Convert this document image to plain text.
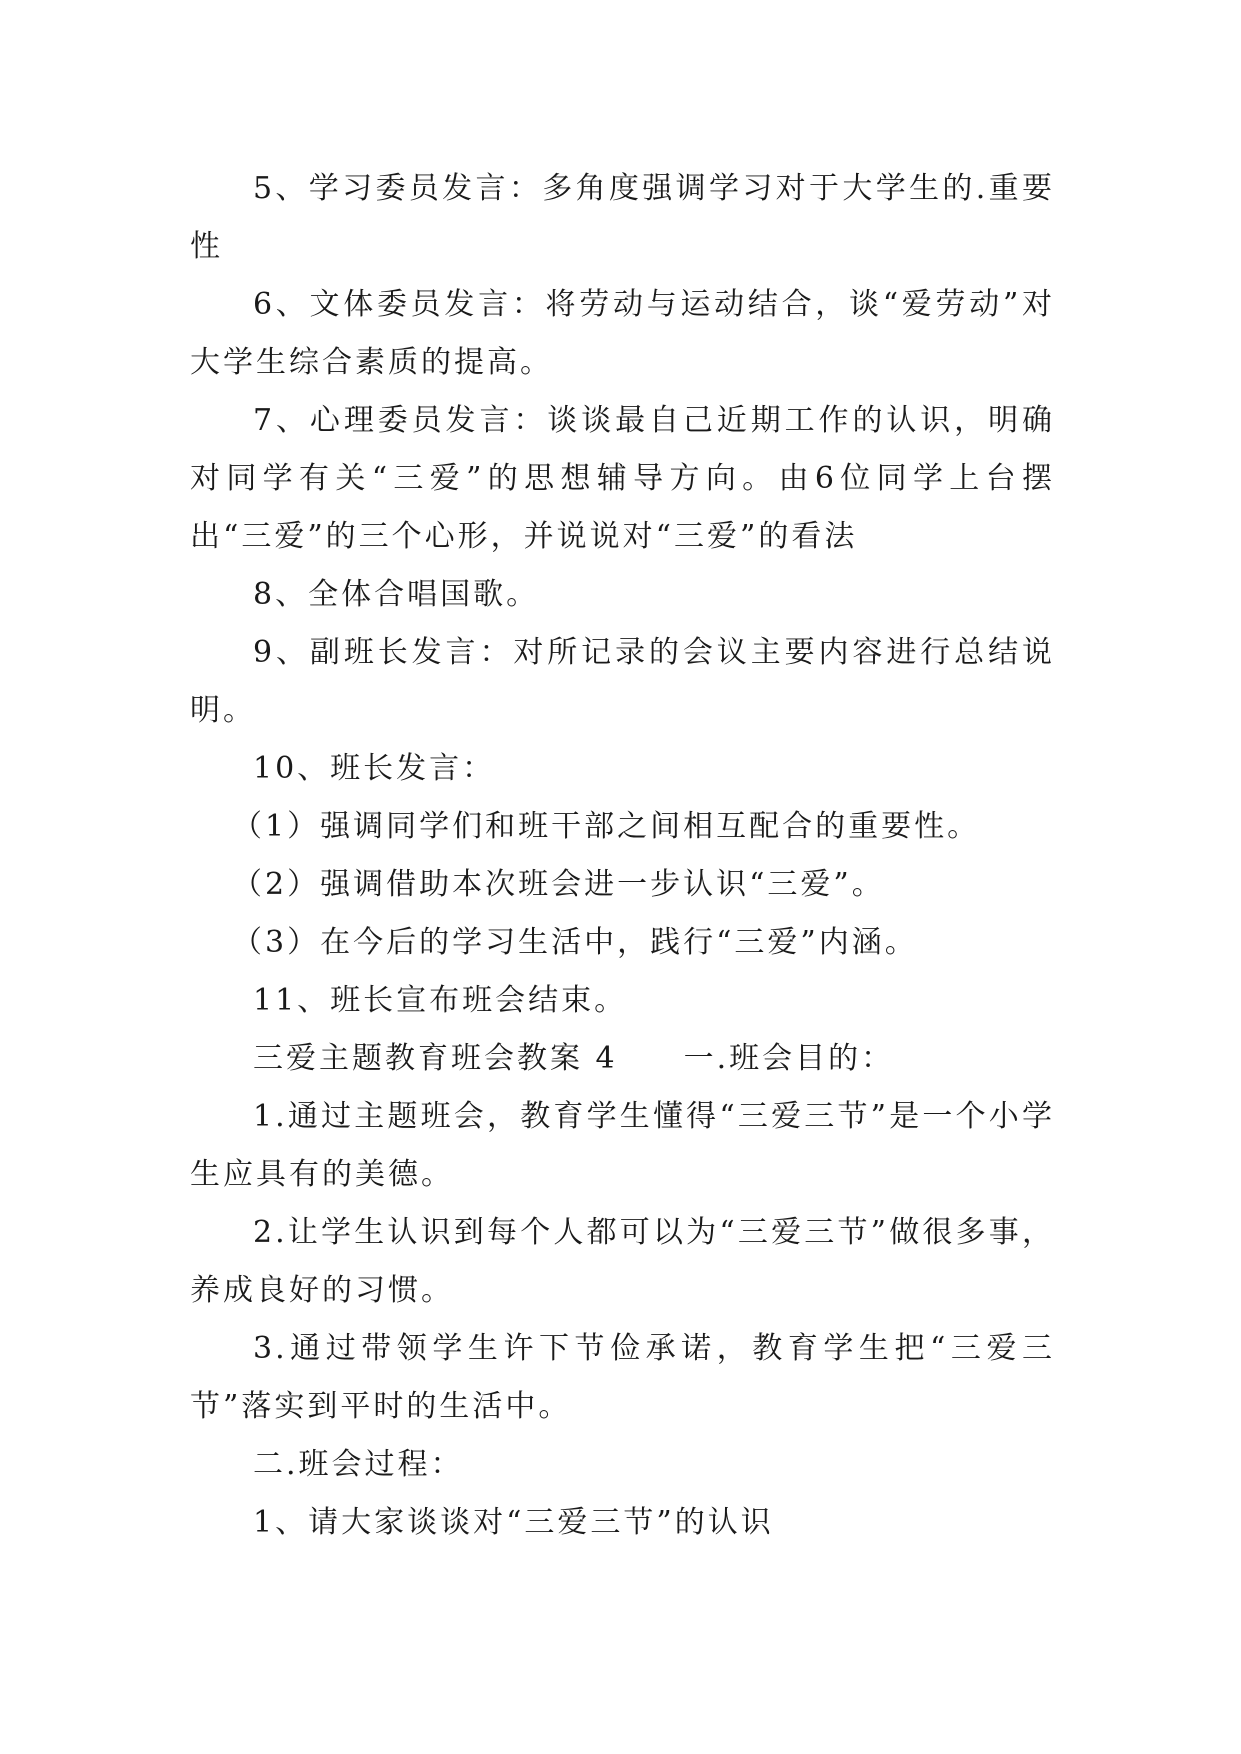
5、学习委员发言：多角度强调学习对于大学生的.重要性

6、文体委员发言：将劳动与运动结合，谈“爱劳动”对大学生综合素质的提高。

7、心理委员发言：谈谈最自己近期工作的认识，明确对同学有关“三爱”的思想辅导方向。由6位同学上台摆出“三爱”的三个心形，并说说对“三爱”的看法

8、全体合唱国歌。

9、副班长发言：对所记录的会议主要内容进行总结说明。

10、班长发言：

（1）强调同学们和班干部之间相互配合的重要性。

（2）强调借助本次班会进一步认识“三爱”。

（3）在今后的学习生活中，践行“三爱”内涵。

11、班长宣布班会结束。

三爱主题教育班会教案 4　　一.班会目的：

1.通过主题班会，教育学生懂得“三爱三节”是一个小学生应具有的美德。

2.让学生认识到每个人都可以为“三爱三节”做很多事，养成良好的习惯。

3.通过带领学生许下节俭承诺，教育学生把“三爱三节”落实到平时的生活中。

二.班会过程：

1、请大家谈谈对“三爱三节”的认识
